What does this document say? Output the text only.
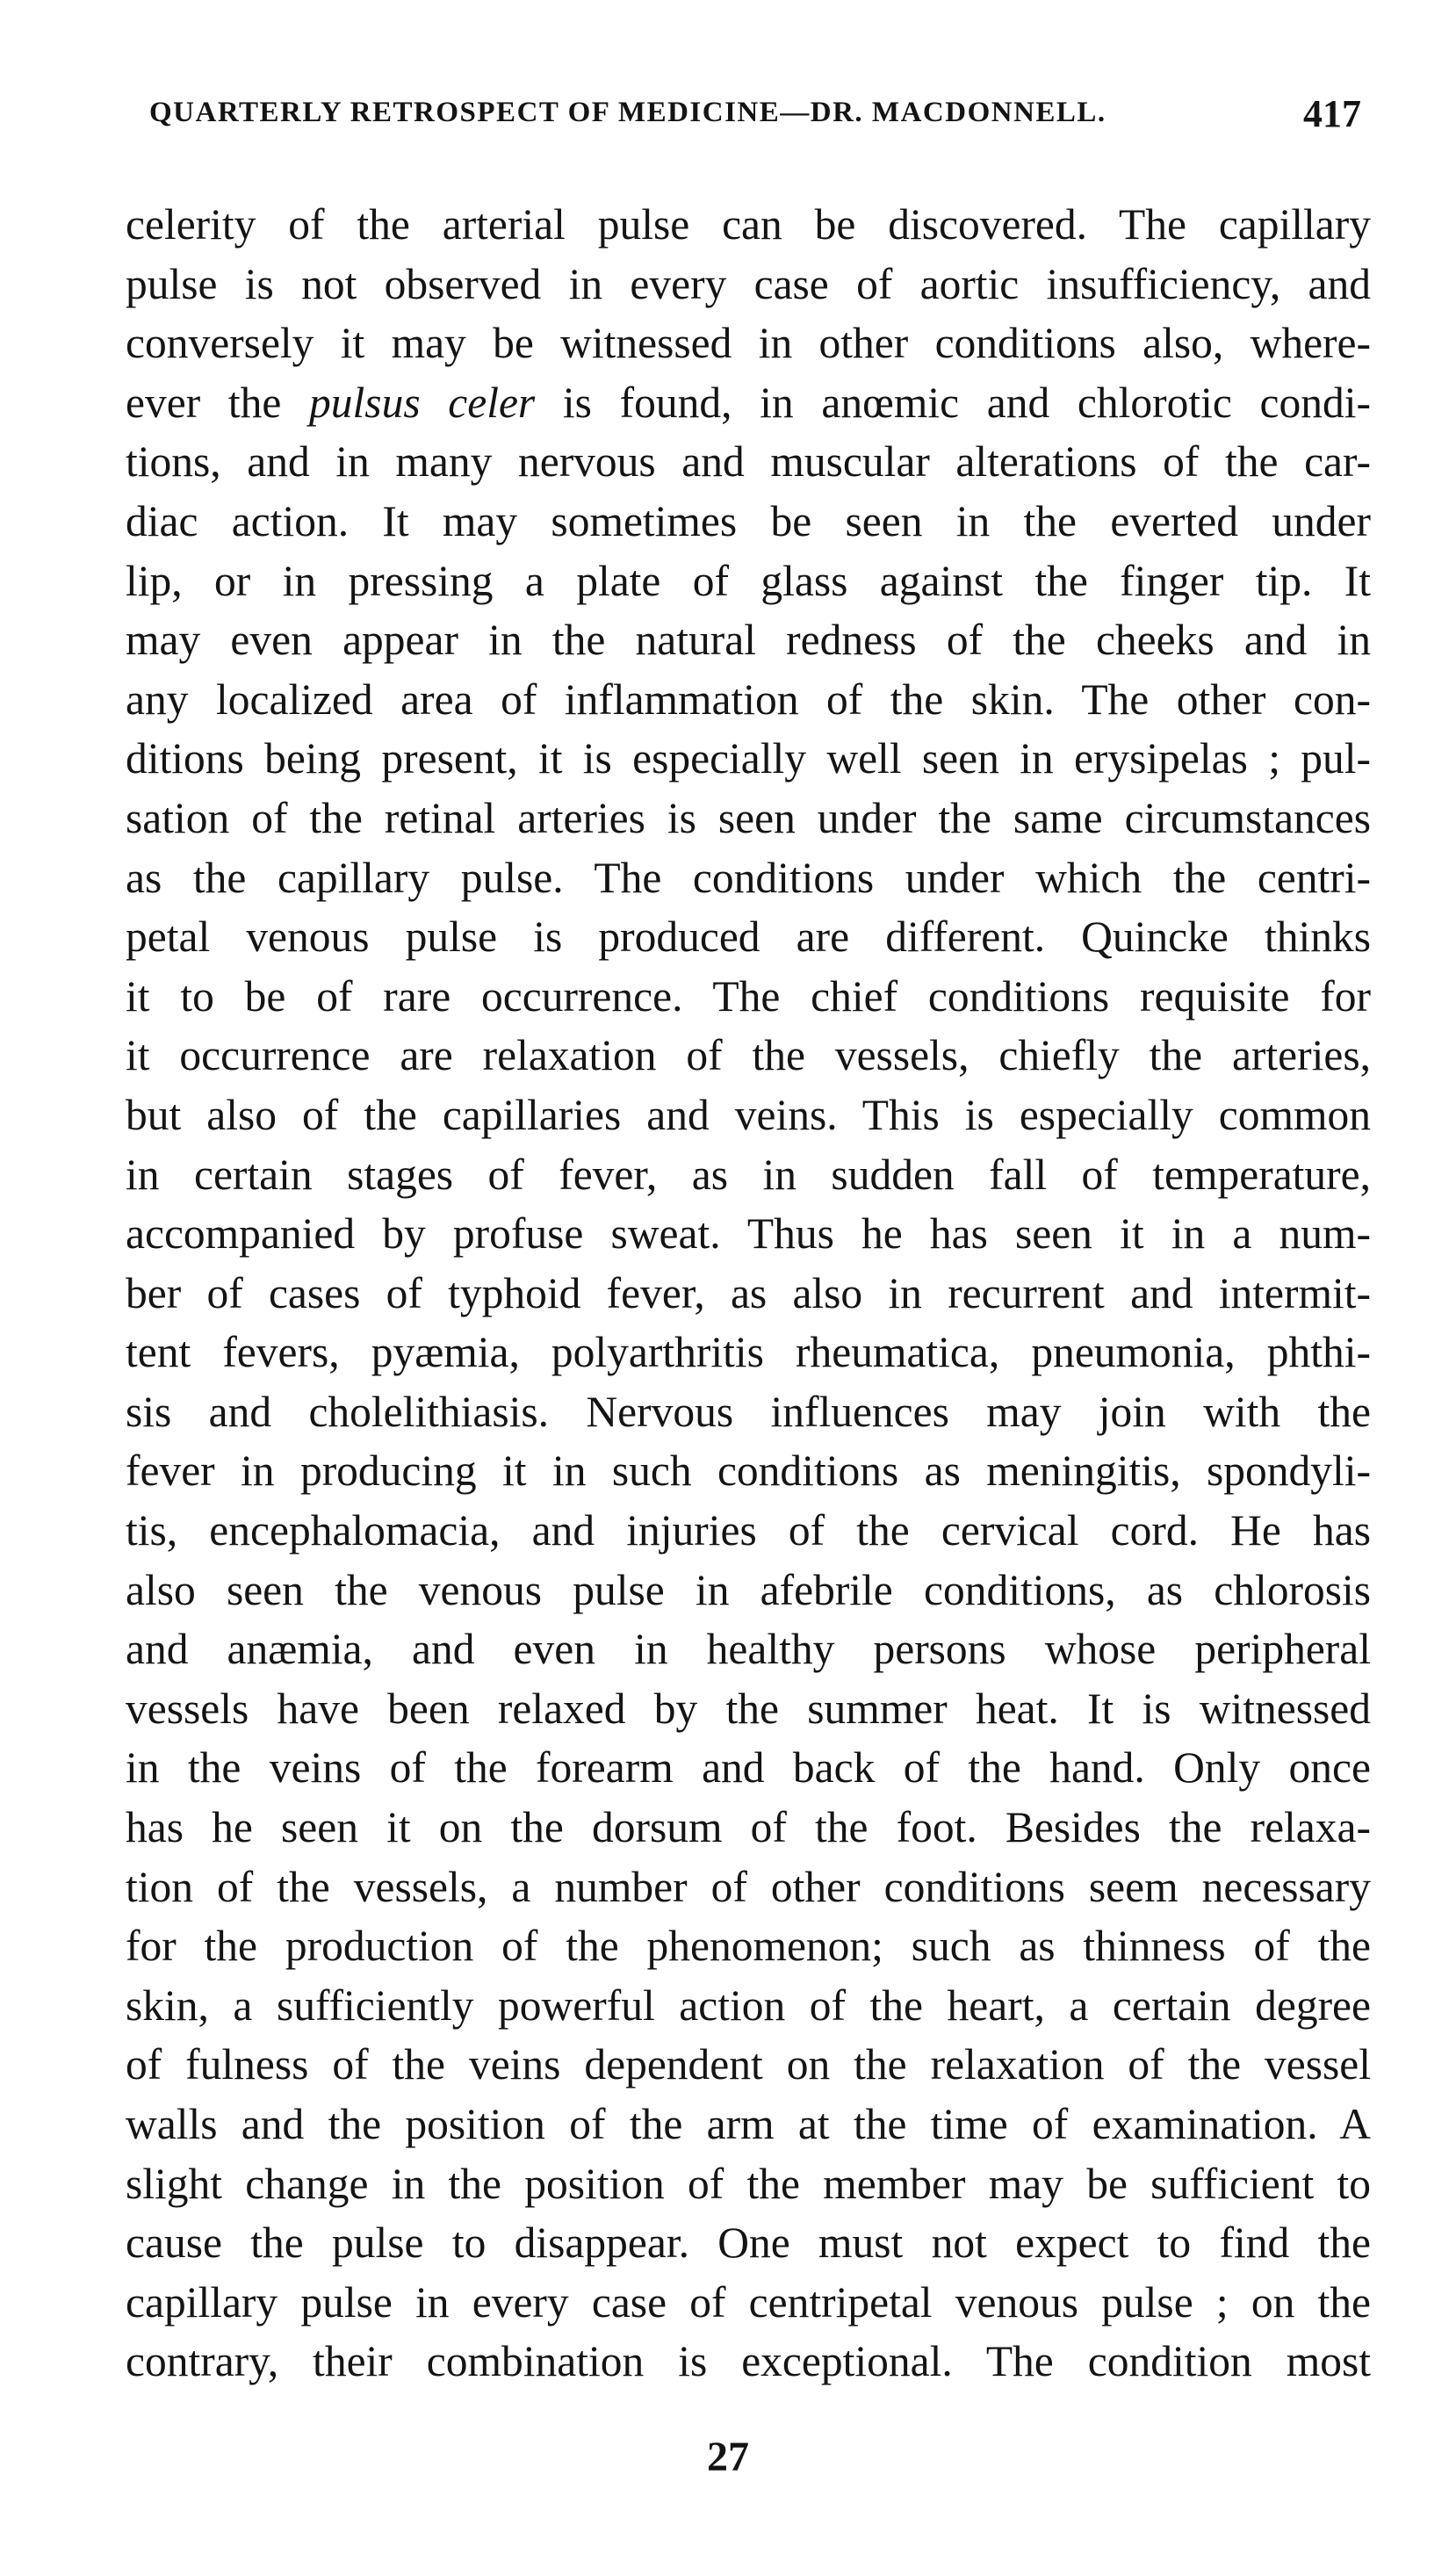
QUARTERLY RETROSPECT OF MEDICINE—DR. MACDONNELL.	417
celerity of the arterial pulse can be discovered. The capillary
pulse is not observed in every case of aortic insufficiency, and
conversely it may be witnessed in other conditions also, where-
ever the pulsus celer is found, in anœmic and chlorotic condi-
tions, and in many nervous and muscular alterations of the car-
diac action. It may sometimes be seen in the everted under
lip, or in pressing a plate of glass against the finger tip. It
may even appear in the natural redness of the cheeks and in
any localized area of inflammation of the skin. The other con-
ditions being present, it is especially well seen in erysipelas ; pul-
sation of the retinal arteries is seen under the same circumstances
as the capillary pulse. The conditions under which the centri-
petal venous pulse is produced are different. Quincke thinks
it to be of rare occurrence. The chief conditions requisite for
it occurrence are relaxation of the vessels, chiefly the arteries,
but also of the capillaries and veins. This is especially common
in certain stages of fever, as in sudden fall of temperature,
accompanied by profuse sweat. Thus he has seen it in a num-
ber of cases of typhoid fever, as also in recurrent and intermit-
tent fevers, pyæmia, polyarthritis rheumatica, pneumonia, phthi-
sis and cholelithiasis. Nervous influences may join with the
fever in producing it in such conditions as meningitis, spondyli-
tis, encephalomacia, and injuries of the cervical cord. He has
also seen the venous pulse in afebrile conditions, as chlorosis
and anæmia, and even in healthy persons whose peripheral
vessels have been relaxed by the summer heat. It is witnessed
in the veins of the forearm and back of the hand. Only once
has he seen it on the dorsum of the foot. Besides the relaxa-
tion of the vessels, a number of other conditions seem necessary
for the production of the phenomenon; such as thinness of the
skin, a sufficiently powerful action of the heart, a certain degree
of fulness of the veins dependent on the relaxation of the vessel
walls and the position of the arm at the time of examination. A
slight change in the position of the member may be sufficient to
cause the pulse to disappear. One must not expect to find the
capillary pulse in every case of centripetal venous pulse ; on the
contrary, their combination is exceptional. The condition most
27
